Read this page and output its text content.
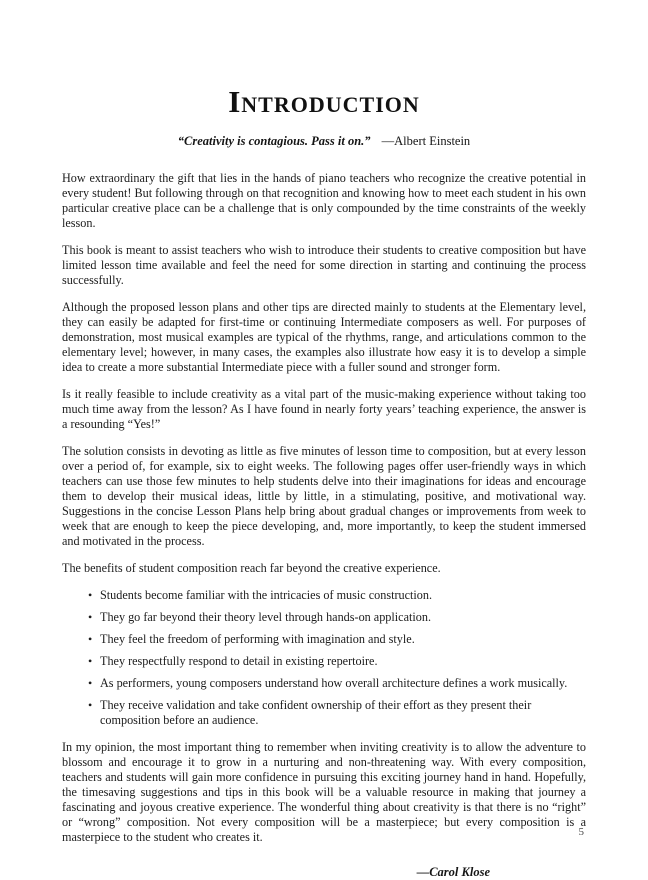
Introduction
“Creativity is contagious. Pass it on.” —Albert Einstein

How extraordinary the gift that lies in the hands of piano teachers who recognize the creative potential in every student! But following through on that recognition and knowing how to meet each student in his own particular creative place can be a challenge that is only compounded by the time constraints of the weekly lesson.

This book is meant to assist teachers who wish to introduce their students to creative composition but have limited lesson time available and feel the need for some direction in starting and continuing the process successfully.

Although the proposed lesson plans and other tips are directed mainly to students at the Elementary level, they can easily be adapted for first-time or continuing Intermediate composers as well. For purposes of demonstration, most musical examples are typical of the rhythms, range, and articulations common to the elementary level; however, in many cases, the examples also illustrate how easy it is to develop a simple idea to create a more substantial Intermediate piece with a fuller sound and stronger form.

Is it really feasible to include creativity as a vital part of the music-making experience without taking too much time away from the lesson? As I have found in nearly forty years’ teaching experience, the answer is a resounding “Yes!”

The solution consists in devoting as little as five minutes of lesson time to composition, but at every lesson over a period of, for example, six to eight weeks. The following pages offer user-friendly ways in which teachers can use those few minutes to help students delve into their imaginations for ideas and encourage them to develop their musical ideas, little by little, in a stimulating, positive, and motivational way. Suggestions in the concise Lesson Plans help bring about gradual changes or improvements from week to week that are enough to keep the piece developing, and, more importantly, to keep the student immersed and motivated in the process.

The benefits of student composition reach far beyond the creative experience.

• Students become familiar with the intricacies of music construction.
• They go far beyond their theory level through hands-on application.
• They feel the freedom of performing with imagination and style.
• They respectfully respond to detail in existing repertoire.
• As performers, young composers understand how overall architecture defines a work musically.
• They receive validation and take confident ownership of their effort as they present their composition before an audience.

In my opinion, the most important thing to remember when inviting creativity is to allow the adventure to blossom and encourage it to grow in a nurturing and non-threatening way. With every composition, teachers and students will gain more confidence in pursuing this exciting journey hand in hand. Hopefully, the timesaving suggestions and tips in this book will be a valuable resource in making that journey a fascinating and joyous creative experience. The wonderful thing about creativity is that there is no “right” or “wrong” composition. Not every composition will be a masterpiece; but every composition is a masterpiece to the student who creates it.

—Carol Klose
5
